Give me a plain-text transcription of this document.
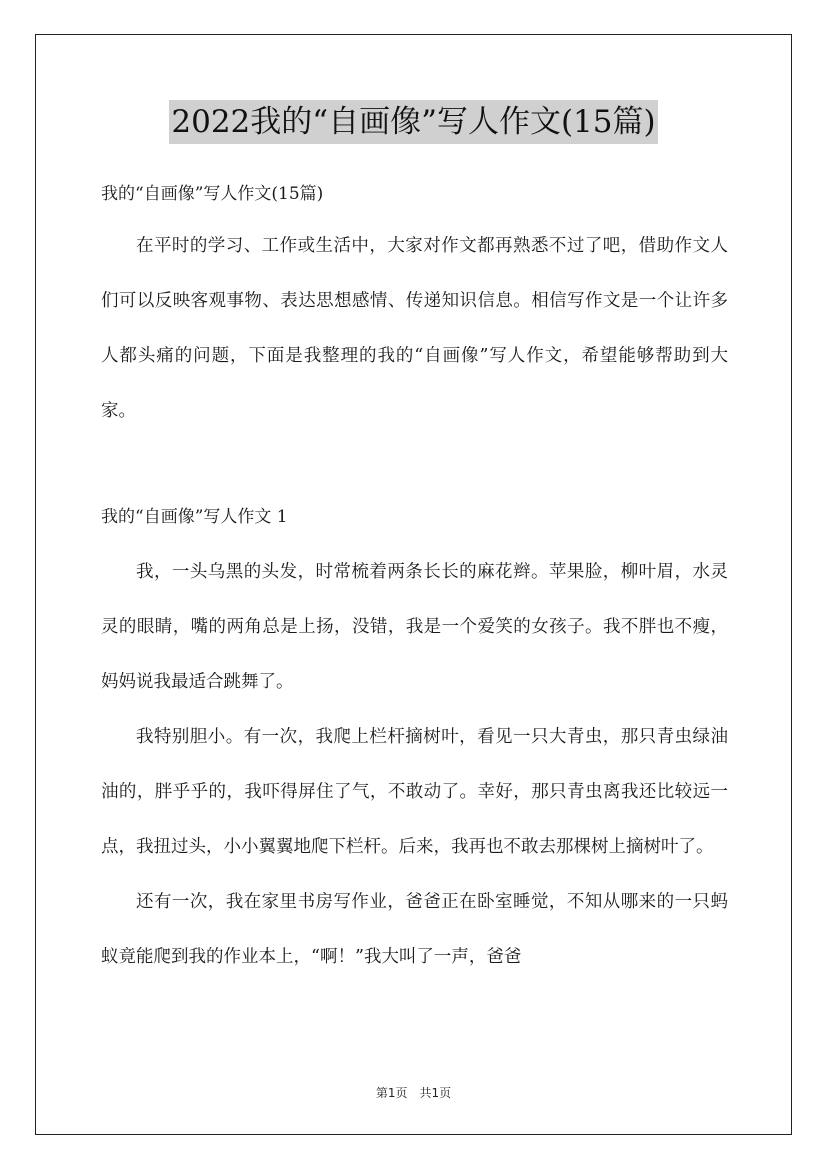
2022我的“自画像”写人作文(15篇)
我的“自画像”写人作文(15篇)

在平时的学习、工作或生活中，大家对作文都再熟悉不过了吧，借助作文人们可以反映客观事物、表达思想感情、传递知识信息。相信写作文是一个让许多人都头痛的问题，下面是我整理的我的“自画像”写人作文，希望能够帮助到大家。

我的“自画像”写人作文 1

我，一头乌黑的头发，时常梳着两条长长的麻花辫。苹果脸，柳叶眉，水灵灵的眼睛，嘴的两角总是上扬，没错，我是一个爱笑的女孩子。我不胖也不瘦，妈妈说我最适合跳舞了。

我特别胆小。有一次，我爬上栏杆摘树叶，看见一只大青虫，那只青虫绿油油的，胖乎乎的，我吓得屏住了气，不敢动了。幸好，那只青虫离我还比较远一点，我扭过头，小小翼翼地爬下栏杆。后来，我再也不敢去那棵树上摘树叶了。

还有一次，我在家里书房写作业，爸爸正在卧室睡觉，不知从哪来的一只蚂蚁竟能爬到我的作业本上，“啊！”我大叫了一声，爸爸

第1页　共1页
